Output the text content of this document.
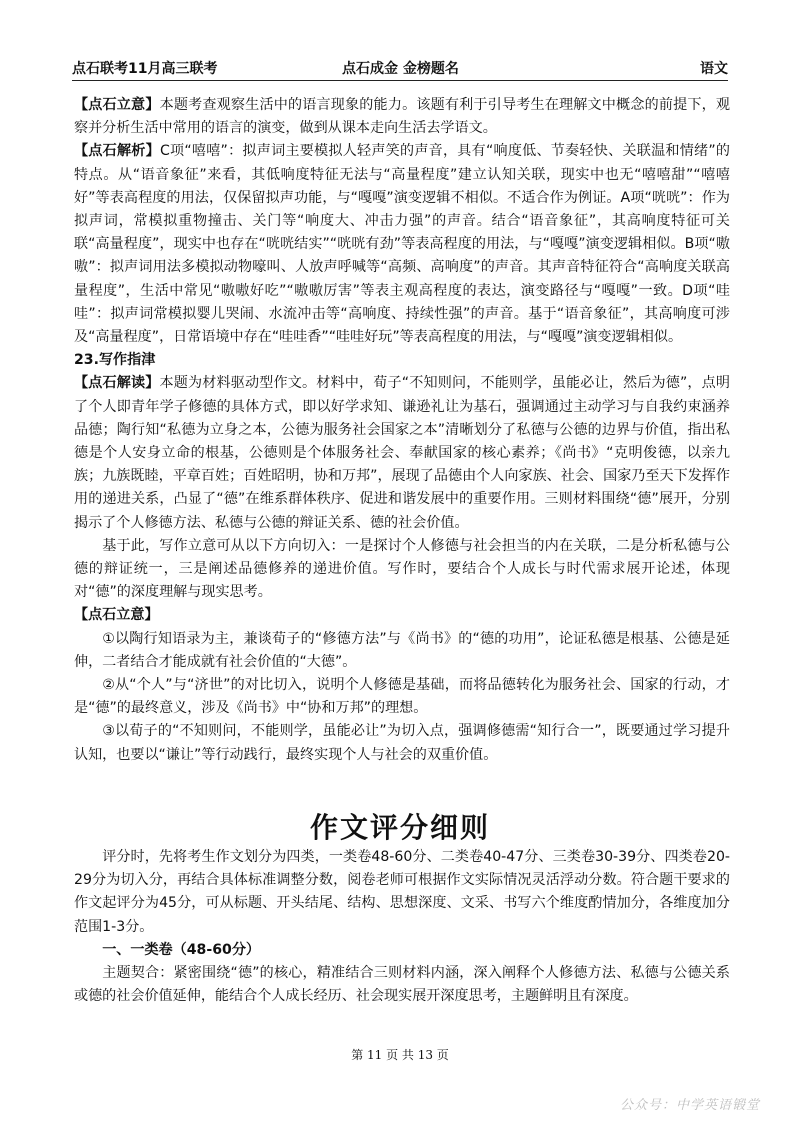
点石联考11月高三联考	点石成金 金榜题名	语文

【点石立意】本题考查观察生活中的语言现象的能力。该题有利于引导考生在理解文中概念的前提下，观察并分析生活中常用的语言的演变，做到从课本走向生活去学语文。

【点石解析】C项“嘻嘻”：拟声词主要模拟人轻声笑的声音，具有“响度低、节奏轻快、关联温和情绪”的特点。从“语音象征”来看，其低响度特征无法与“高量程度”建立认知关联，现实中也无“嘻嘻甜”“嘻嘻好”等表高程度的用法，仅保留拟声功能，与“嘎嘎”演变逻辑不相似。不适合作为例证。A项“咣咣”：作为拟声词，常模拟重物撞击、关门等“响度大、冲击力强”的声音。结合“语音象征”，其高响度特征可关联“高量程度”，现实中也存在“咣咣结实”“咣咣有劲”等表高程度的用法，与“嘎嘎”演变逻辑相似。B项“嗷嗷”：拟声词用法多模拟动物嚎叫、人放声呼喊等“高频、高响度”的声音。其声音特征符合“高响度关联高量程度”，生活中常见“嗷嗷好吃”“嗷嗷厉害”等表主观高程度的表达，演变路径与“嘎嘎”一致。D项“哇哇”：拟声词常模拟婴儿哭闹、水流冲击等“高响度、持续性强”的声音。基于“语音象征”，其高响度可涉及“高量程度”，日常语境中存在“哇哇香”“哇哇好玩”等表高程度的用法，与“嘎嘎”演变逻辑相似。

23.写作指津

【点石解读】本题为材料驱动型作文。材料中，荀子“不知则问，不能则学，虽能必让，然后为德”，点明了个人即青年学子修德的具体方式，即以好学求知、谦逊礼让为基石，强调通过主动学习与自我约束涵养品德；陶行知“私德为立身之本，公德为服务社会国家之本”清晰划分了私德与公德的边界与价值，指出私德是个人安身立命的根基，公德则是个体服务社会、奉献国家的核心素养；《尚书》“克明俊德，以亲九族；九族既睦，平章百姓；百姓昭明，协和万邦”，展现了品德由个人向家族、社会、国家乃至天下发挥作用的递进关系，凸显了“德”在维系群体秩序、促进和谐发展中的重要作用。三则材料围绕“德”展开，分别揭示了个人修德方法、私德与公德的辩证关系、德的社会价值。

基于此，写作立意可从以下方向切入：一是探讨个人修德与社会担当的内在关联，二是分析私德与公德的辩证统一，三是阐述品德修养的递进价值。写作时，要结合个人成长与时代需求展开论述，体现对“德”的深度理解与现实思考。

【点石立意】

①以陶行知语录为主，兼谈荀子的“修德方法”与《尚书》的“德的功用”，论证私德是根基、公德是延伸，二者结合才能成就有社会价值的“大德”。

②从“个人”与“济世”的对比切入，说明个人修德是基础，而将品德转化为服务社会、国家的行动，才是“德”的最终意义，涉及《尚书》中“协和万邦”的理想。

③以荀子的“不知则问，不能则学，虽能必让”为切入点，强调修德需“知行合一”，既要通过学习提升认知，也要以“谦让”等行动践行，最终实现个人与社会的双重价值。

作文评分细则

评分时，先将考生作文划分为四类，一类卷48-60分、二类卷40-47分、三类卷30-39分、四类卷20-29分为切入分，再结合具体标准调整分数，阅卷老师可根据作文实际情况灵活浮动分数。符合题干要求的作文起评分为45分，可从标题、开头结尾、结构、思想深度、文采、书写六个维度酌情加分，各维度加分范围1-3分。

一、一类卷（48-60分）

主题契合：紧密围绕“德”的核心，精准结合三则材料内涵，深入阐释个人修德方法、私德与公德关系或德的社会价值延伸，能结合个人成长经历、社会现实展开深度思考，主题鲜明且有深度。

第 11 页 共 13 页
公众号：中学英语锻堂
